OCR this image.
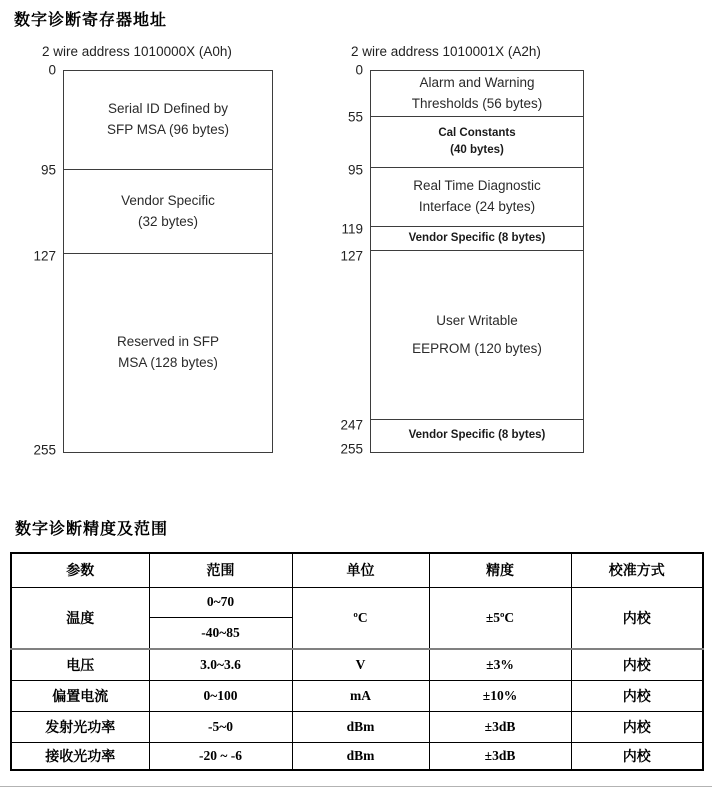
数字诊断寄存器地址
2 wire address 1010000X (A0h)	2 wire address 1010001X (A2h)
0
95
127
255
Serial ID Defined by
SFP MSA (96 bytes)
Vendor Specific
(32 bytes)
Reserved in SFP
MSA (128 bytes)
0
55
95
119
127
247
255
Alarm and Warning
Thresholds (56 bytes)
Cal Constants
(40 bytes)
Real Time Diagnostic
Interface (24 bytes)
Vendor Specific (8 bytes)
User Writable
EEPROM (120 bytes)
Vendor Specific (8 bytes)
数字诊断精度及范围
参数	范围	单位	精度	校准方式
温度	0~70	ºC	±5ºC	内校
	-40~85			
电压	3.0~3.6	V	±3%	内校
偏置电流	0~100	mA	±10%	内校
发射光功率	-5~0	dBm	±3dB	内校
接收光功率	-20 ~ -6	dBm	±3dB	内校
